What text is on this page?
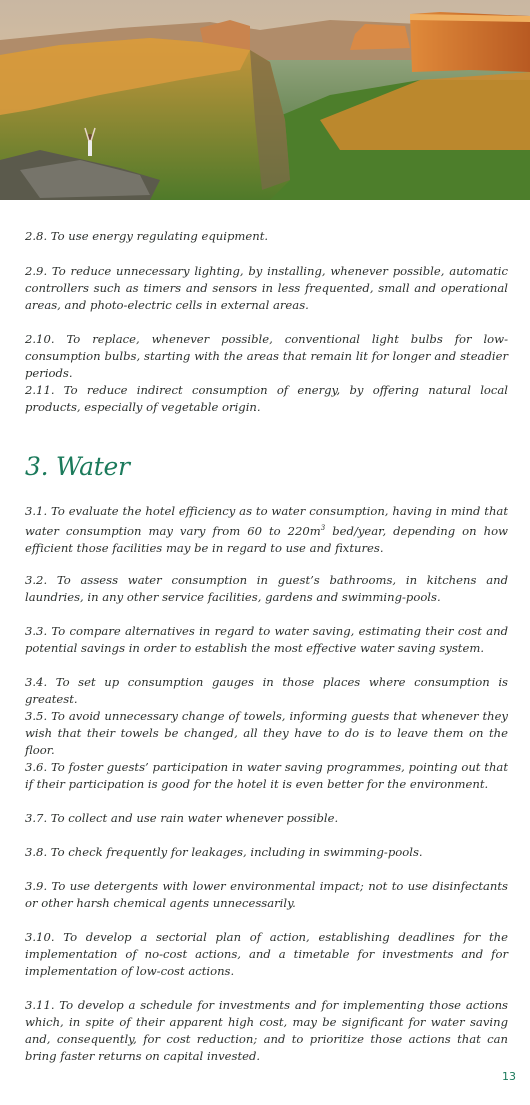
2.8. To use energy regulating equipment.

2.9. To reduce unnecessary lighting, by installing, whenever possible, automatic controllers such as timers and sensors in less frequented, small and operational areas, and photo-electric cells in external areas.

2.10. To replace, whenever possible, conventional light bulbs for low-consumption bulbs, starting with the areas that remain lit for longer and steadier periods.

2.11. To reduce indirect consumption of energy, by offering natural local products, especially of vegetable origin.

3. Water

3.1. To evaluate the hotel efficiency as to water consumption, having in mind that water consumption may vary from 60 to $220m^3$ bed/year, depending on how efficient those facilities may be in regard to use and fixtures.

3.2. To assess water consumption in guest’s bathrooms, in kitchens and laundries, in any other service facilities, gardens and swimming-pools.

3.3. To compare alternatives in regard to water saving, estimating their cost and potential savings in order to establish the most effective water saving system.

3.4. To set up consumption gauges in those places where consumption is greatest.

3.5. To avoid unnecessary change of towels, informing guests that whenever they wish that their towels be changed, all they have to do is to leave them on the floor.

3.6. To foster guests’ participation in water saving programmes, pointing out that if their participation is good for the hotel it is even better for the environment.

3.7. To collect and use rain water whenever possible.

3.8. To check frequently for leakages, including in swimming-pools.

3.9. To use detergents with lower environmental impact; not to use disinfectants or other harsh chemical agents unnecessarily.

3.10. To develop a sectorial plan of action, establishing deadlines for the implementation of no-cost actions, and a timetable for investments and for implementation of low-cost actions.

3.11. To develop a schedule for investments and for implementing those actions which, in spite of their apparent high cost, may be significant for water saving and, consequently, for cost reduction; and to prioritize those actions that can bring faster returns on capital invested.

13
